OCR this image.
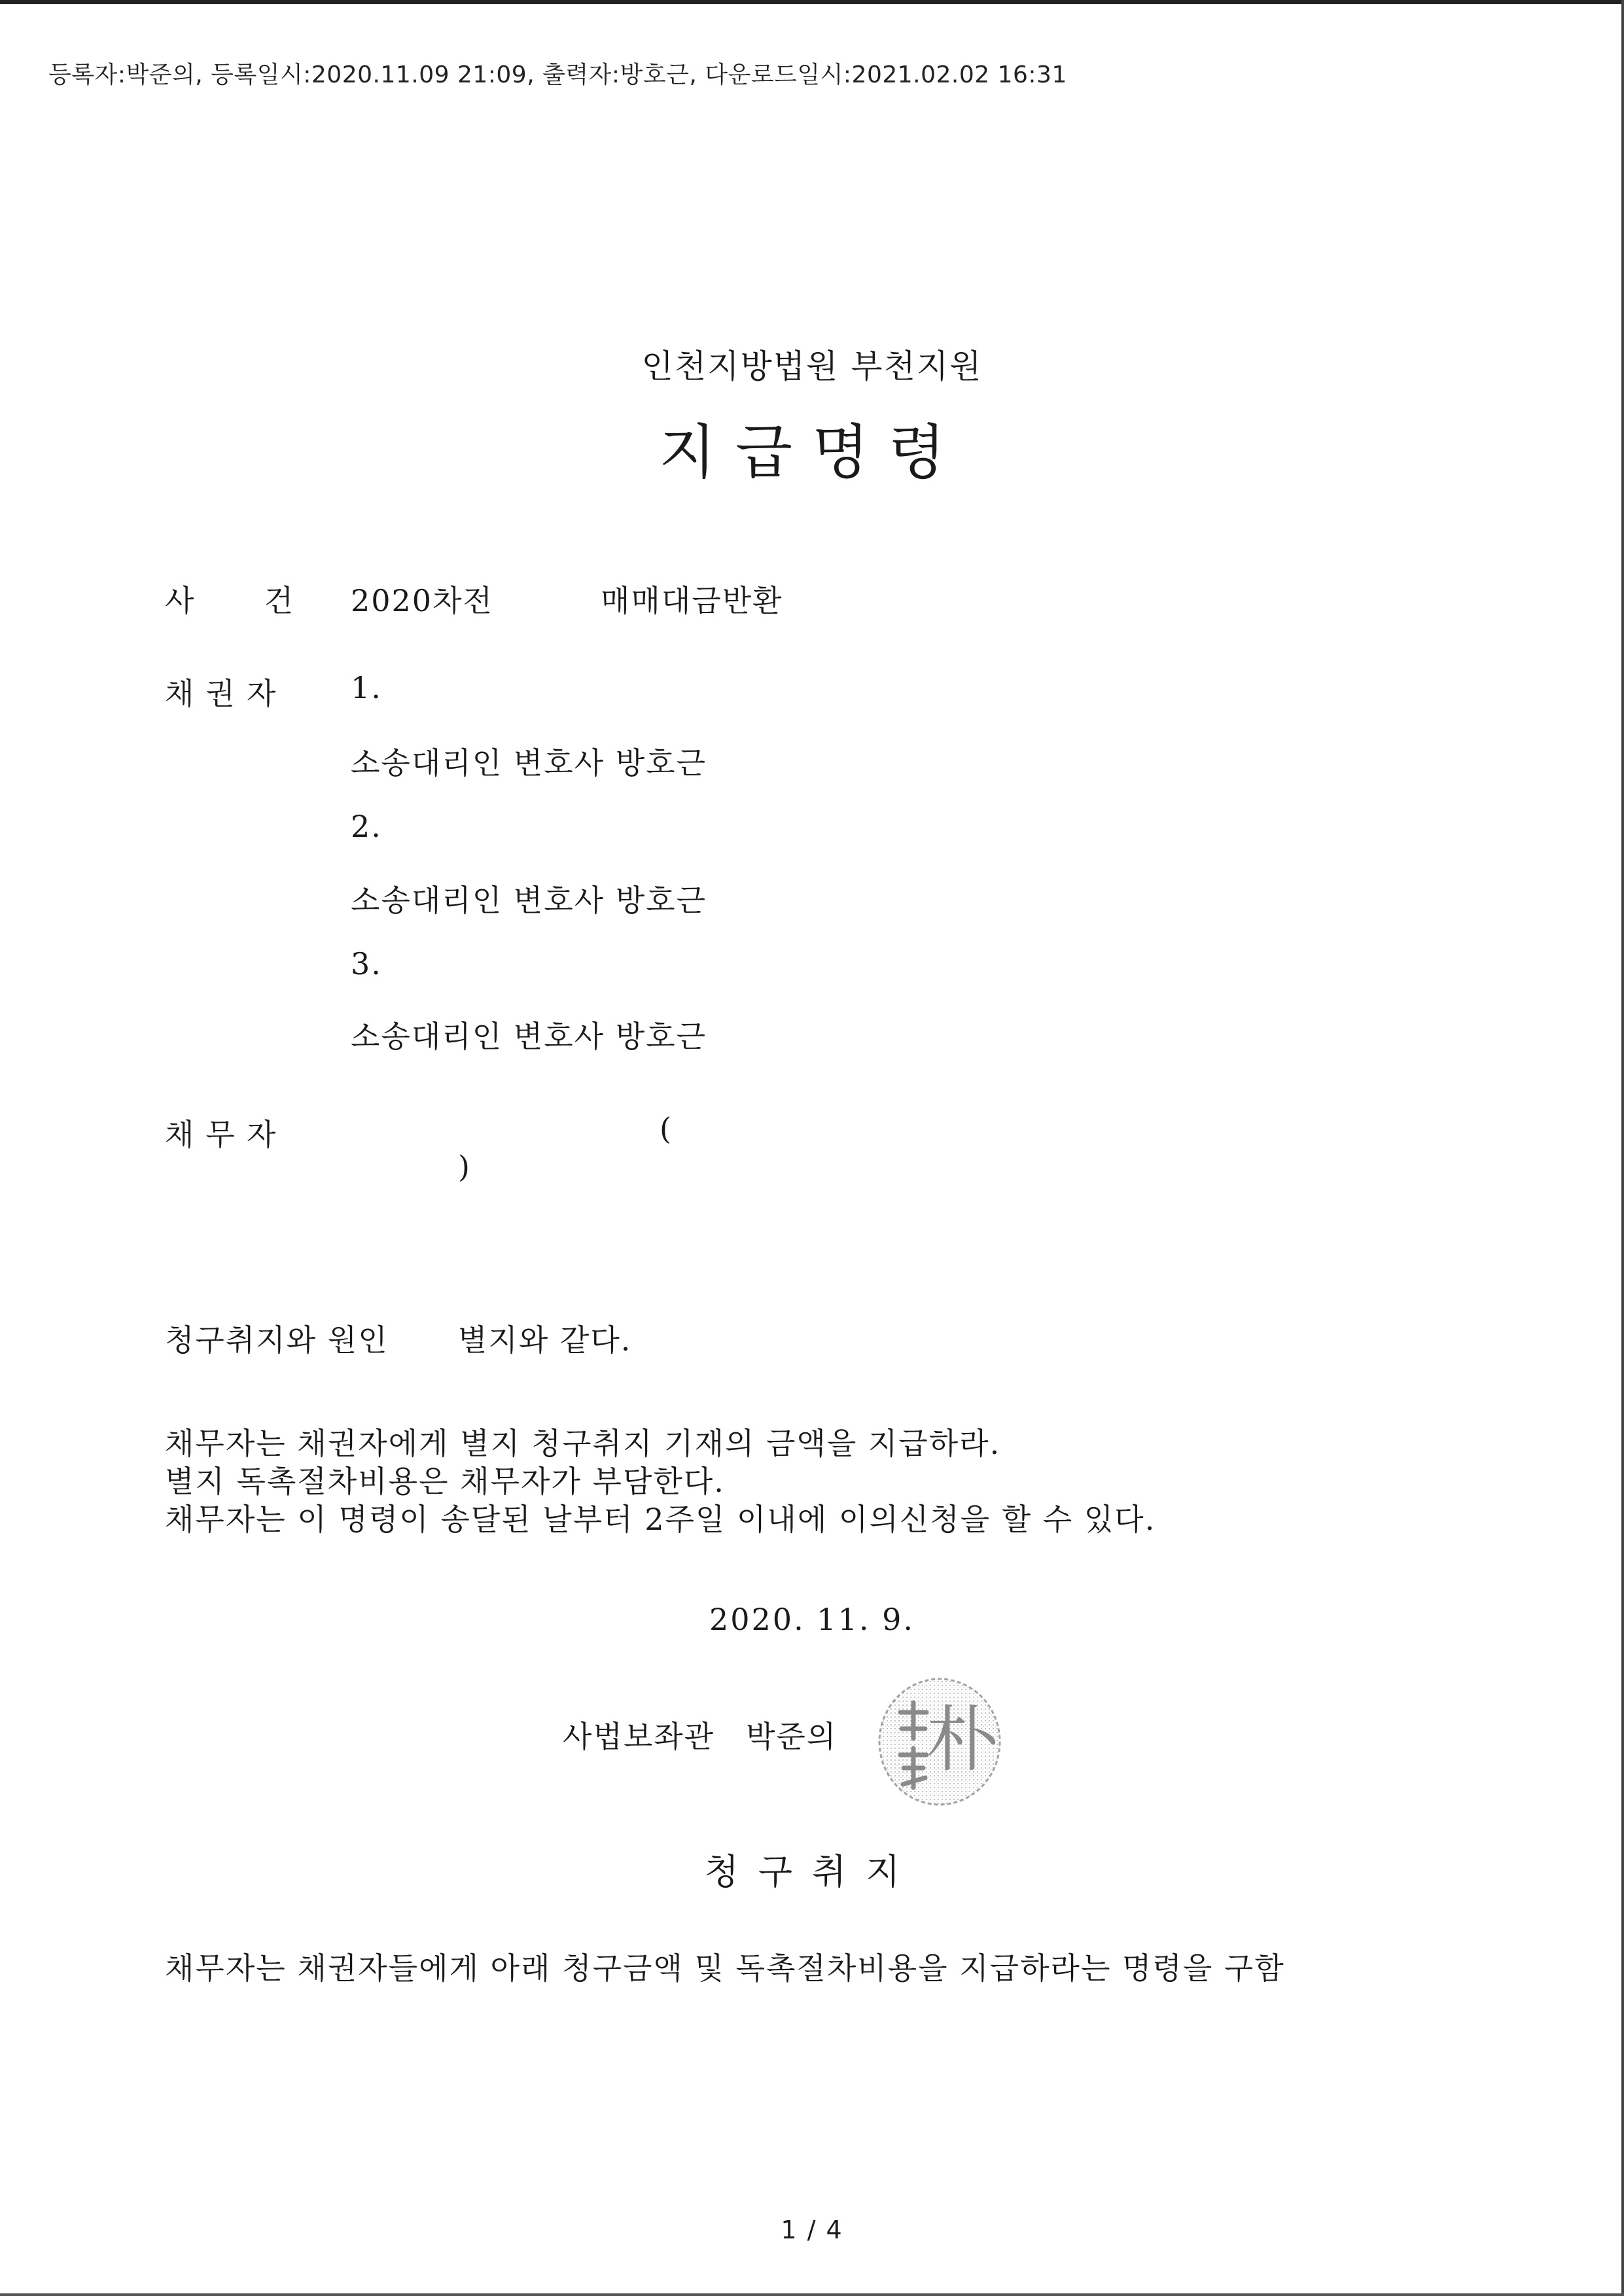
등록자:박준의, 등록일시:2020.11.09 21:09, 출력자:방호근, 다운로드일시:2021.02.02 16:31
인천지방법원 부천지원
지급명령
사 건 2020차전	매매대금반환
채권자 1.
소송대리인 변호사 방호근
2.
소송대리인 변호사 방호근
3.
소송대리인 변호사 방호근
채무자	(
)
청구취지와 원인 별지와 같다.
채무자는 채권자에게 별지 청구취지 기재의 금액을 지급하라.
별지 독촉절차비용은 채무자가 부담한다.
채무자는 이 명령이 송달된 날부터 2주일 이내에 이의신청을 할 수 있다.
2020. 11. 9.
사법보좌관 박준의 朴
청구취지
채무자는 채권자들에게 아래 청구금액 및 독촉절차비용을 지급하라는 명령을 구함
1 / 4
